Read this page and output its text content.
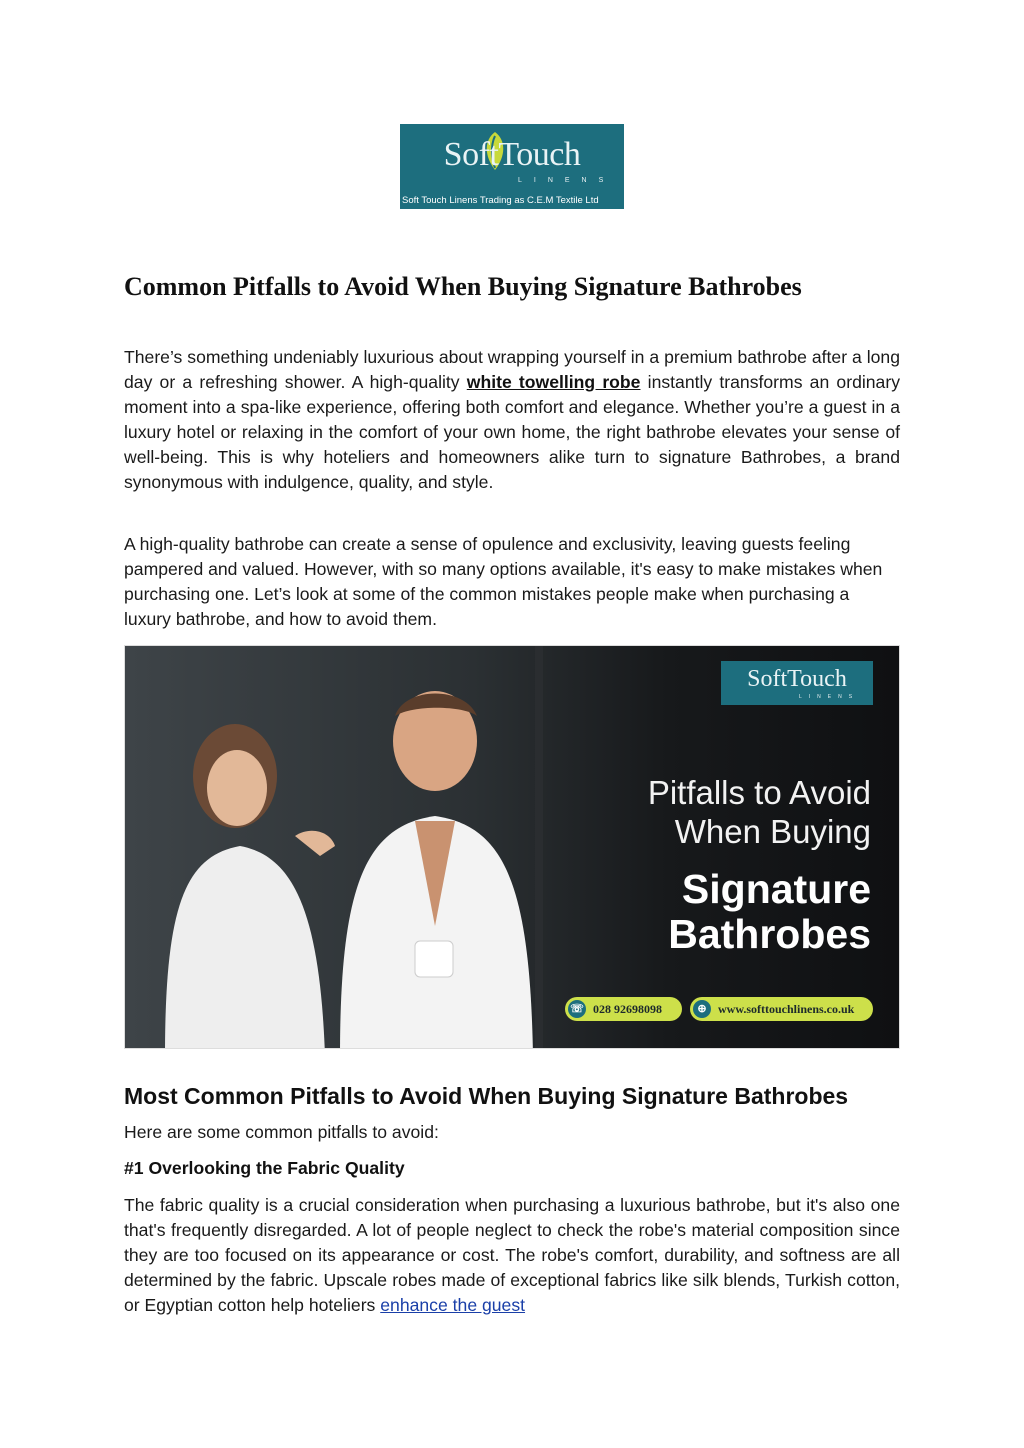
SoftTouch
LINENS
Soft Touch Linens Trading as C.E.M Textile Ltd
Common Pitfalls to Avoid When Buying Signature Bathrobes

There’s something undeniably luxurious about wrapping yourself in a premium bathrobe after a long day or a refreshing shower. A high-quality white towelling robe instantly transforms an ordinary moment into a spa-like experience, offering both comfort and elegance. Whether you’re a guest in a luxury hotel or relaxing in the comfort of your own home, the right bathrobe elevates your sense of well-being. This is why hoteliers and homeowners alike turn to signature Bathrobes, a brand synonymous with indulgence, quality, and style.

A high-quality bathrobe can create a sense of opulence and exclusivity, leaving guests feeling pampered and valued. However, with so many options available, it's easy to make mistakes when purchasing one. Let’s look at some of the common mistakes people make when purchasing a luxury bathrobe, and how to avoid them.

SoftTouch
LINENS
Pitfalls to Avoid
When Buying
Signature
Bathrobes
☏ 028 92698098	⊕ www.softtouchlinens.co.uk
Most Common Pitfalls to Avoid When Buying Signature Bathrobes

Here are some common pitfalls to avoid:

#1 Overlooking the Fabric Quality

The fabric quality is a crucial consideration when purchasing a luxurious bathrobe, but it's also one that's frequently disregarded. A lot of people neglect to check the robe's material composition since they are too focused on its appearance or cost. The robe's comfort, durability, and softness are all determined by the fabric. Upscale robes made of exceptional fabrics like silk blends, Turkish cotton, or Egyptian cotton help hoteliers enhance the guest
